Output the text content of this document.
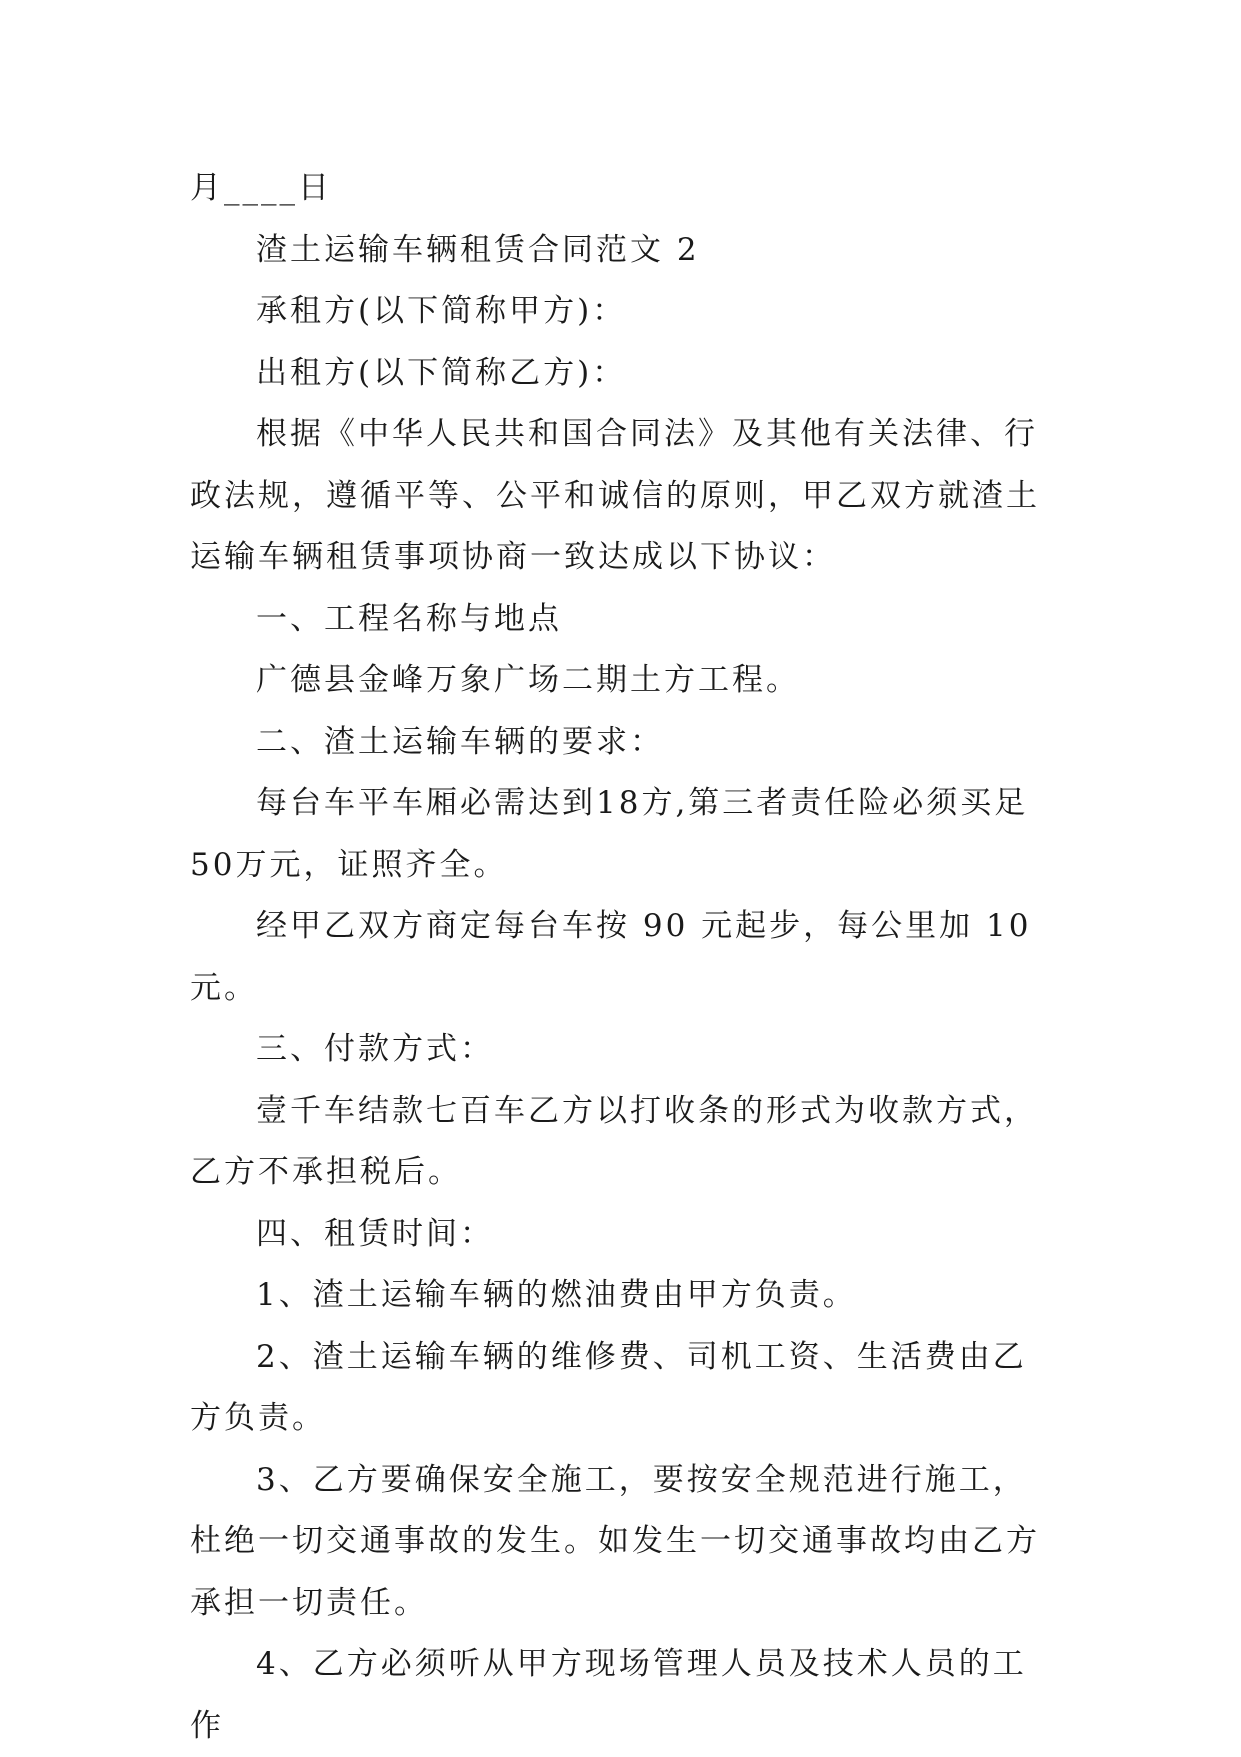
月____日

渣土运输车辆租赁合同范文 2

承租方(以下简称甲方)：

出租方(以下简称乙方)：

根据《中华人民共和国合同法》及其他有关法律、行政法规，遵循平等、公平和诚信的原则，甲乙双方就渣土运输车辆租赁事项协商一致达成以下协议：

一、工程名称与地点

广德县金峰万象广场二期土方工程。

二、渣土运输车辆的要求：

每台车平车厢必需达到18方,第三者责任险必须买足50万元，证照齐全。

经甲乙双方商定每台车按 90 元起步，每公里加 10 元。

三、付款方式：

壹千车结款七百车乙方以打收条的形式为收款方式，乙方不承担税后。

四、租赁时间：

1、渣土运输车辆的燃油费由甲方负责。

2、渣土运输车辆的维修费、司机工资、生活费由乙方负责。

3、乙方要确保安全施工，要按安全规范进行施工，杜绝一切交通事故的发生。如发生一切交通事故均由乙方承担一切责任。

4、乙方必须听从甲方现场管理人员及技术人员的工作
